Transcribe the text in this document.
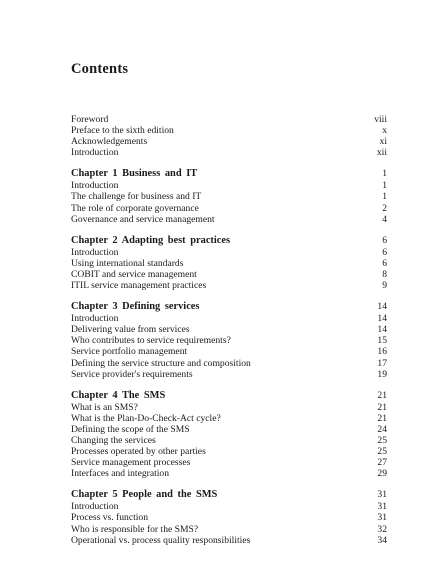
Contents
Foreword	viii
Preface to the sixth edition	x
Acknowledgements	xi
Introduction	xii
Chapter 1 Business and IT	1
Introduction	1
The challenge for business and IT	1
The role of corporate governance	2
Governance and service management	4
Chapter 2 Adapting best practices	6
Introduction	6
Using international standards	6
COBIT and service management	8
ITIL service management practices	9
Chapter 3 Defining services	14
Introduction	14
Delivering value from services	14
Who contributes to service requirements?	15
Service portfolio management	16
Defining the service structure and composition	17
Service provider's requirements	19
Chapter 4 The SMS	21
What is an SMS?	21
What is the Plan-Do-Check-Act cycle?	21
Defining the scope of the SMS	24
Changing the services	25
Processes operated by other parties	25
Service management processes	27
Interfaces and integration	29
Chapter 5 People and the SMS	31
Introduction	31
Process vs. function	31
Who is responsible for the SMS?	32
Operational vs. process quality responsibilities	34
